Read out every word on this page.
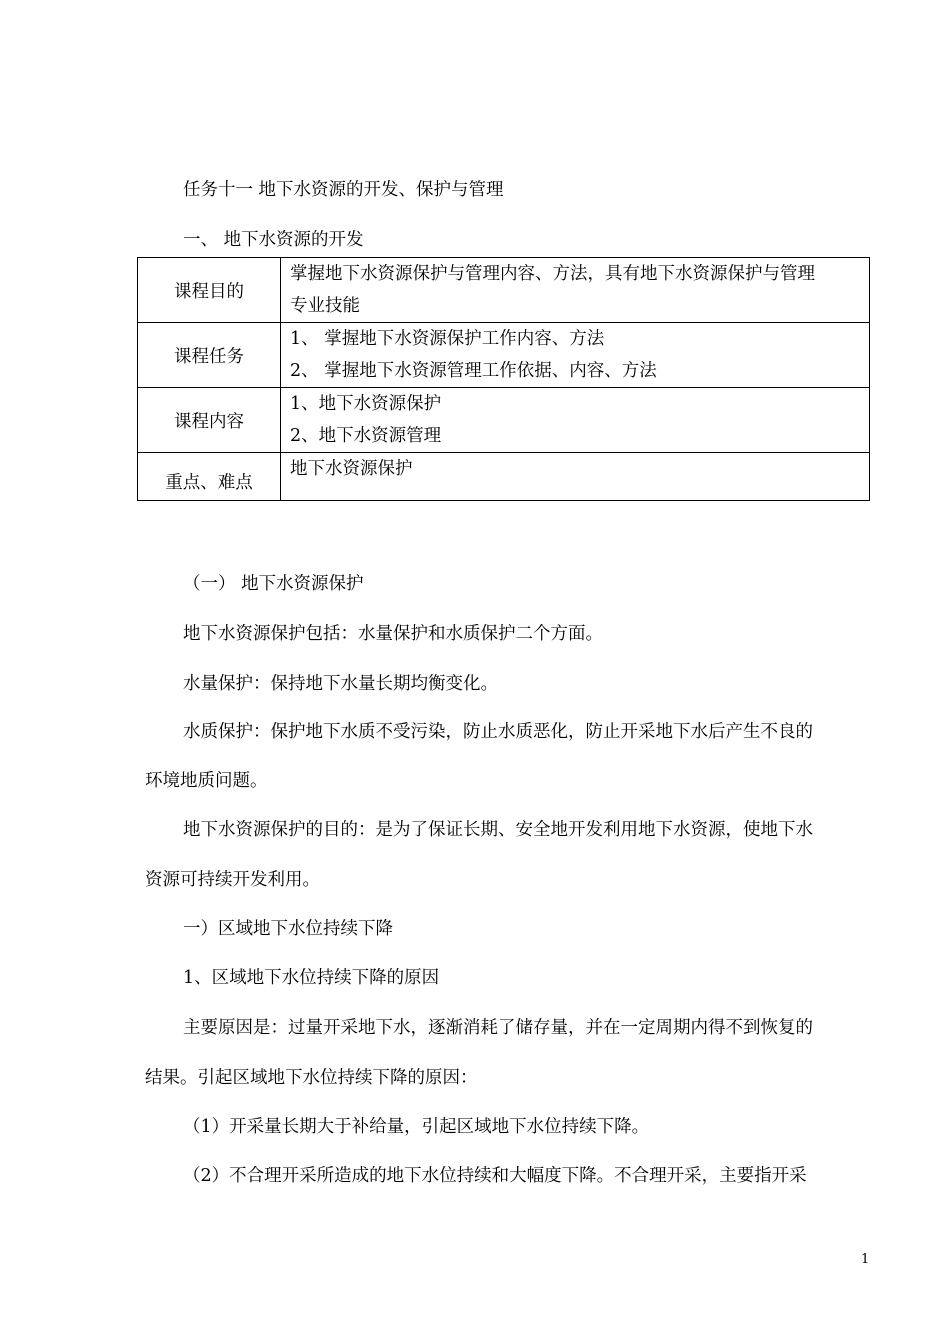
任务十一 地下水资源的开发、保护与管理
一、 地下水资源的开发
课程目的	掌握地下水资源保护与管理内容、方法，具有地下水资源保护与管理
专业技能

课程任务	1、 掌握地下水资源保护工作内容、方法
2、 掌握地下水资源管理工作依据、内容、方法

课程内容	1、地下水资源保护
2、地下水资源管理

重点、难点	地下水资源保护
（一） 地下水资源保护
地下水资源保护包括：水量保护和水质保护二个方面。
水量保护：保持地下水量长期均衡变化。
水质保护：保护地下水质不受污染，防止水质恶化，防止开采地下水后产生不良的
环境地质问题。
地下水资源保护的目的：是为了保证长期、安全地开发利用地下水资源，使地下水
资源可持续开发利用。
一）区域地下水位持续下降
1、区域地下水位持续下降的原因
主要原因是：过量开采地下水，逐渐消耗了储存量，并在一定周期内得不到恢复的
结果。引起区域地下水位持续下降的原因：
（1）开采量长期大于补给量，引起区域地下水位持续下降。
（2）不合理开采所造成的地下水位持续和大幅度下降。不合理开采，主要指开采
1
